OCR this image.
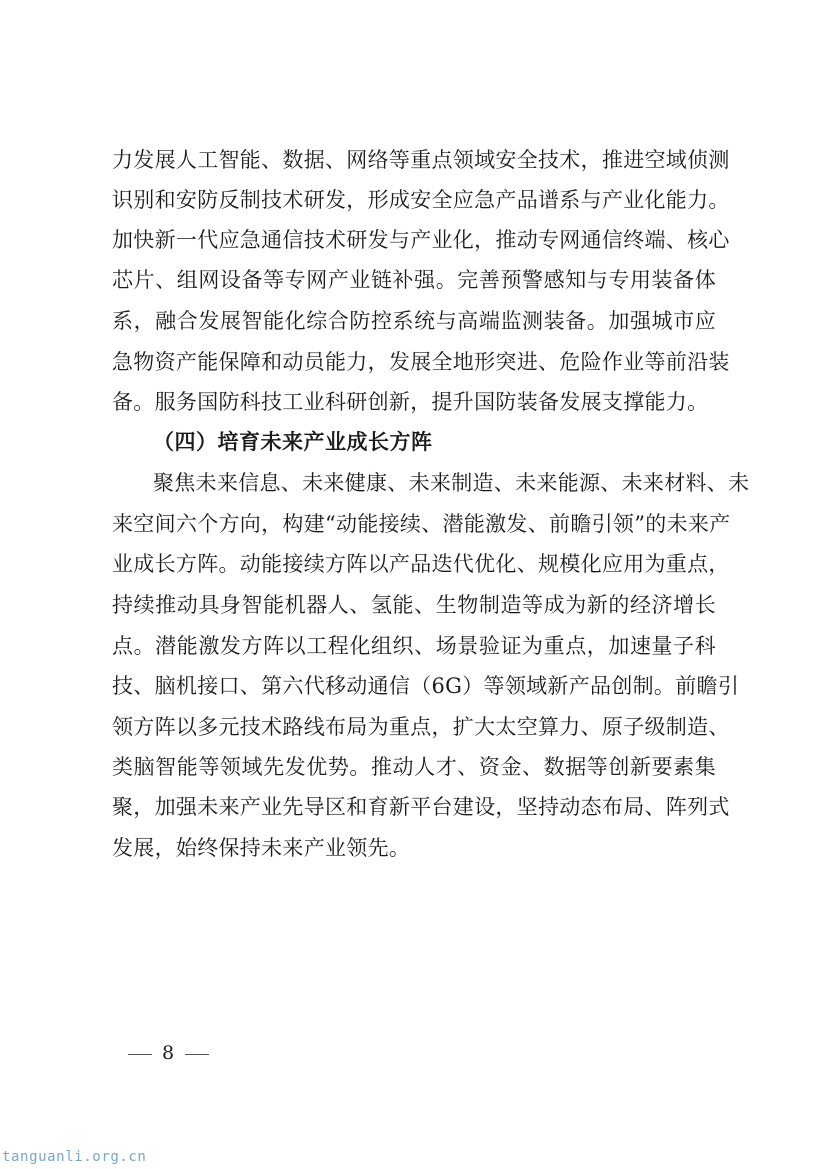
力发展人工智能、数据、网络等重点领域安全技术，推进空域侦测
识别和安防反制技术研发，形成安全应急产品谱系与产业化能力。
加快新一代应急通信技术研发与产业化，推动专网通信终端、核心
芯片、组网设备等专网产业链补强。完善预警感知与专用装备体
系，融合发展智能化综合防控系统与高端监测装备。加强城市应
急物资产能保障和动员能力，发展全地形突进、危险作业等前沿装
备。服务国防科技工业科研创新，提升国防装备发展支撑能力。
（四）培育未来产业成长方阵
聚焦未来信息、未来健康、未来制造、未来能源、未来材料、未
来空间六个方向，构建“动能接续、潜能激发、前瞻引领”的未来产
业成长方阵。动能接续方阵以产品迭代优化、规模化应用为重点，
持续推动具身智能机器人、氢能、生物制造等成为新的经济增长
点。潜能激发方阵以工程化组织、场景验证为重点，加速量子科
技、脑机接口、第六代移动通信（6G）等领域新产品创制。前瞻引
领方阵以多元技术路线布局为重点，扩大太空算力、原子级制造、
类脑智能等领域先发优势。推动人才、资金、数据等创新要素集
聚，加强未来产业先导区和育新平台建设，坚持动态布局、阵列式
发展，始终保持未来产业领先。
8
tanguanli.org.cn
